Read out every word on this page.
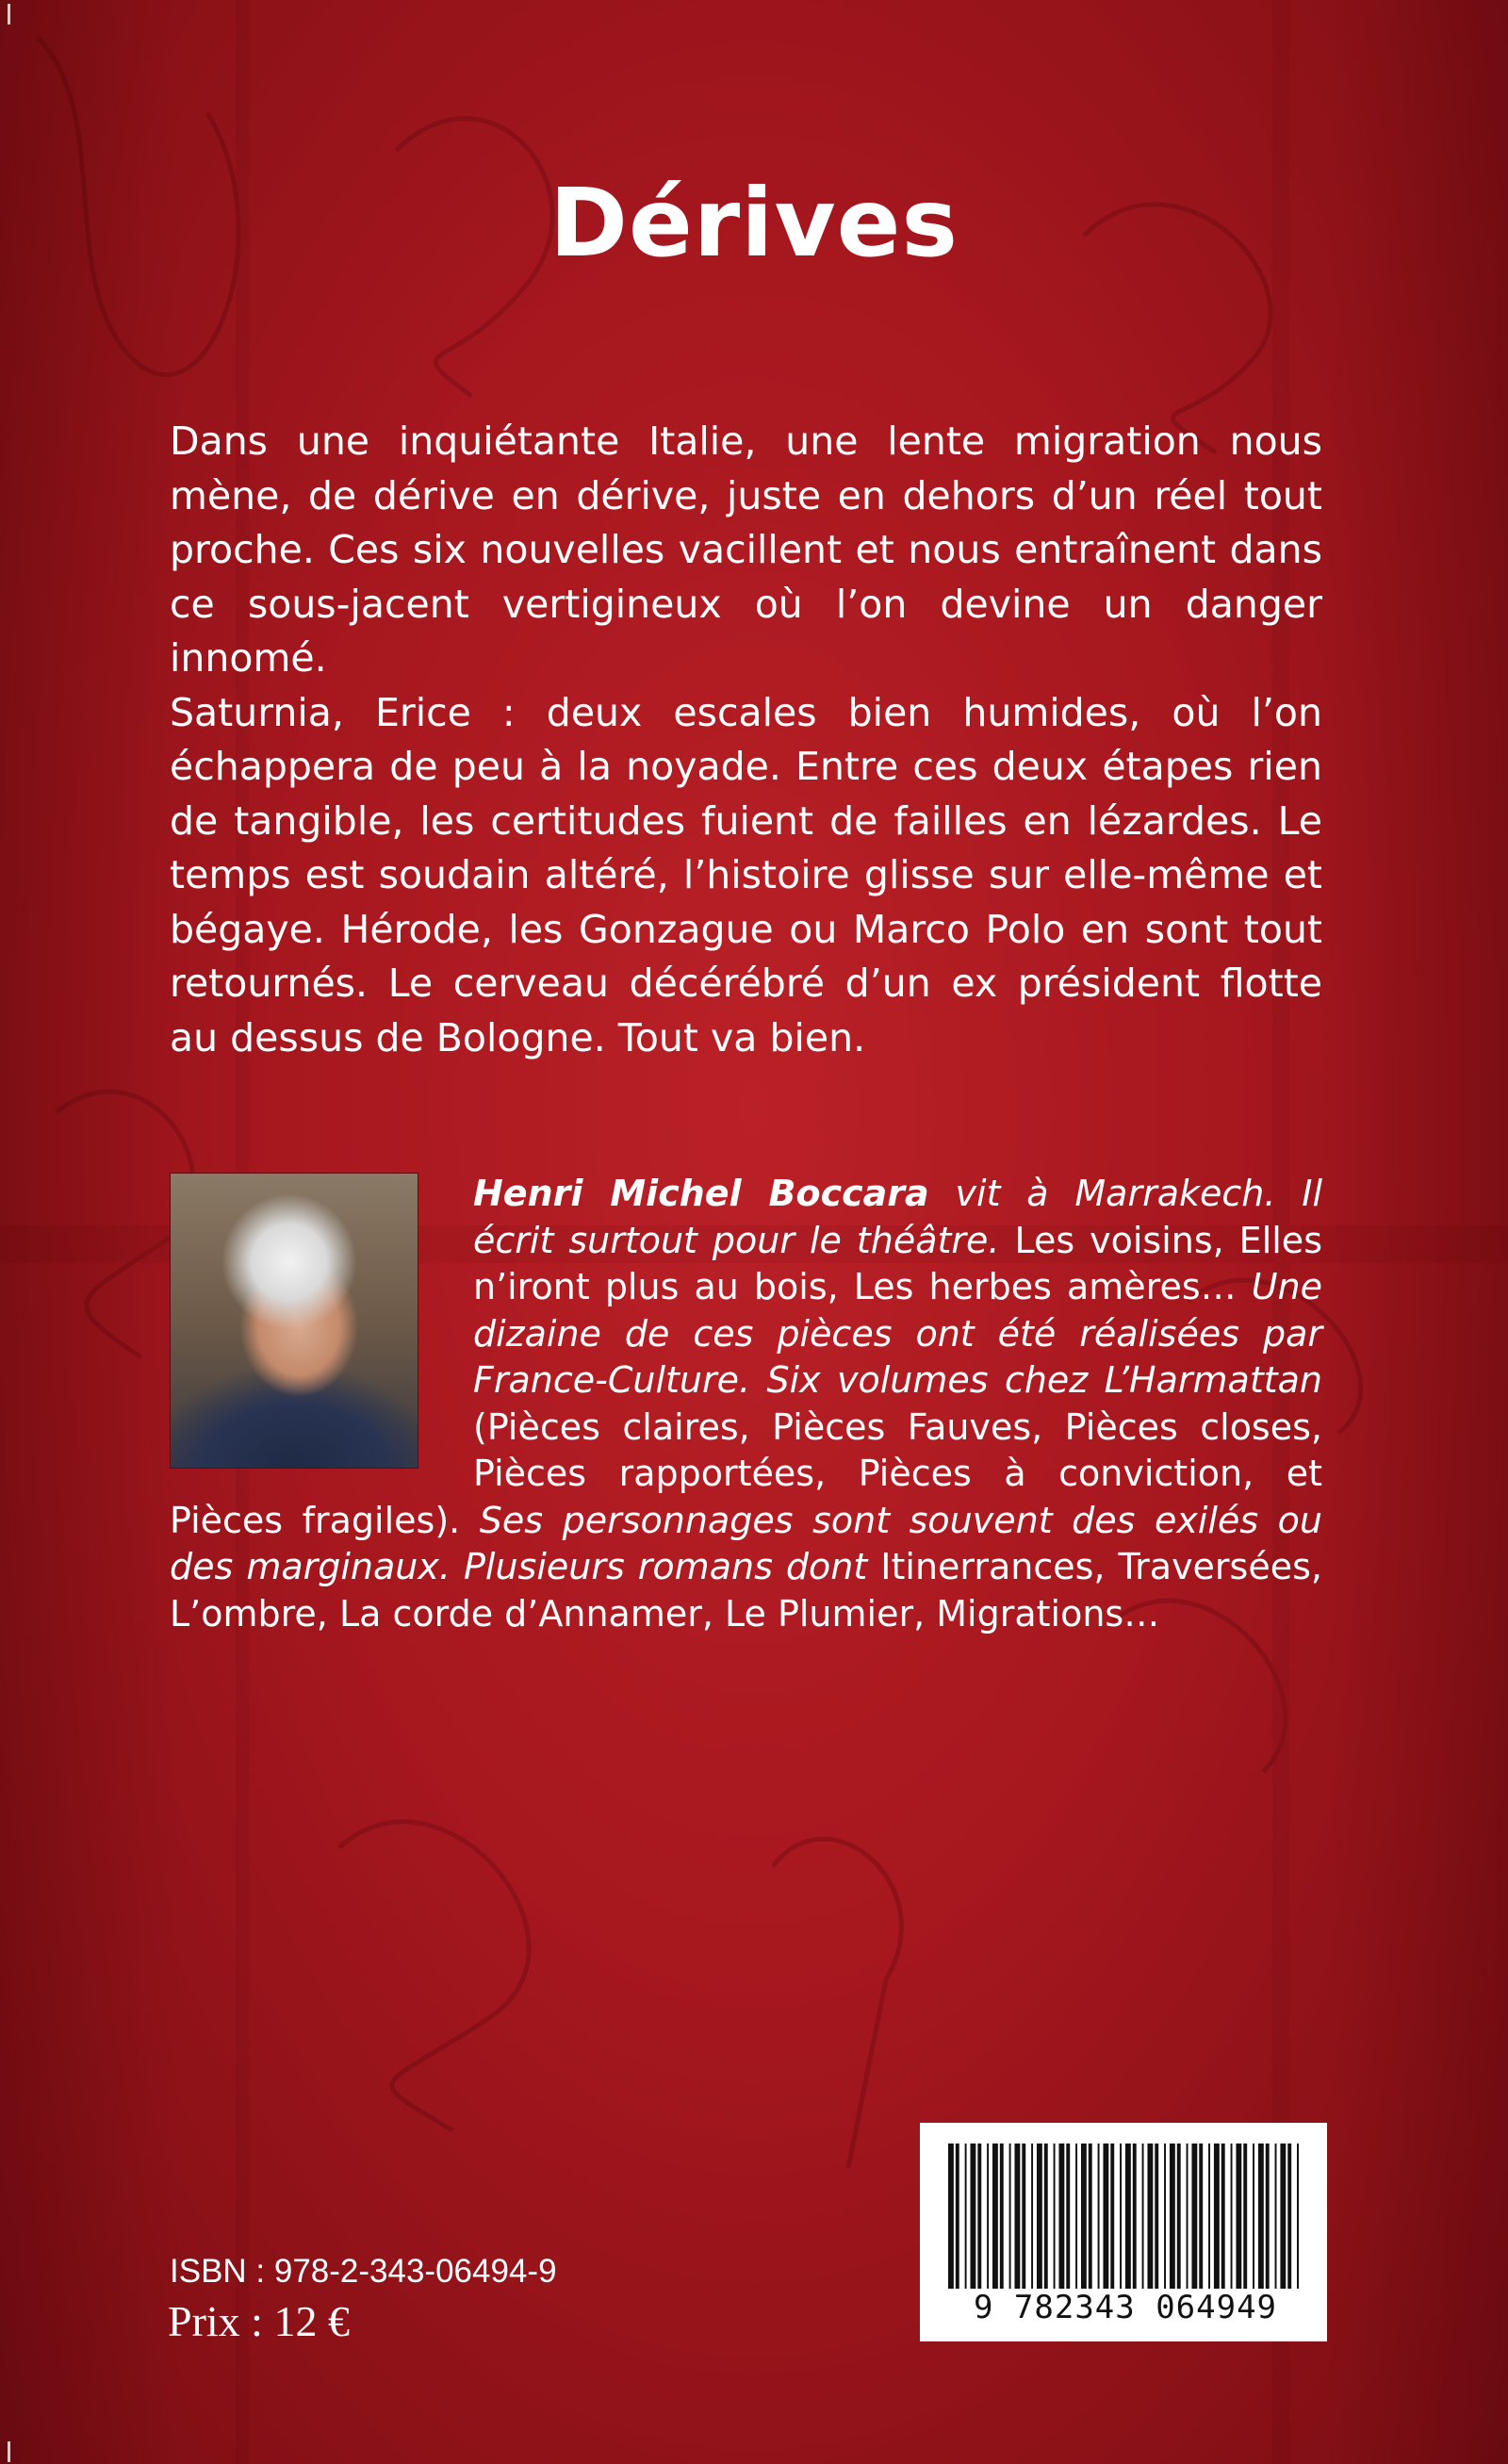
Dérives

Dans une inquiétante Italie, une lente migration nous mène, de dérive en dérive, juste en dehors d’un réel tout proche. Ces six nouvelles vacillent et nous entraînent dans ce sous-jacent vertigineux où l’on devine un danger innomé.

Saturnia, Erice : deux escales bien humides, où l’on échappera de peu à la noyade. Entre ces deux étapes rien de tangible, les certitudes fuient de failles en lézardes. Le temps est soudain altéré, l’histoire glisse sur elle-même et bégaye. Hérode, les Gonzague ou Marco Polo en sont tout retournés. Le cerveau décérébré d’un ex président flotte au dessus de Bologne. Tout va bien.

Henri Michel Boccara vit à Marrakech. Il écrit surtout pour le théâtre. Les voisins, Elles n’iront plus au bois, Les herbes amères… Une dizaine de ces pièces ont été réalisées par France-Culture. Six volumes chez L’Harmattan (Pièces claires, Pièces Fauves, Pièces closes, Pièces rapportées, Pièces à conviction, et Pièces fragiles). Ses personnages sont souvent des exilés ou des marginaux. Plusieurs romans dont Itinerrances, Traversées, L’ombre, La corde d’Annamer, Le Plumier, Migrations…
ISBN : 978-2-343-06494-9
Prix : 12 €	9 782343 064949
